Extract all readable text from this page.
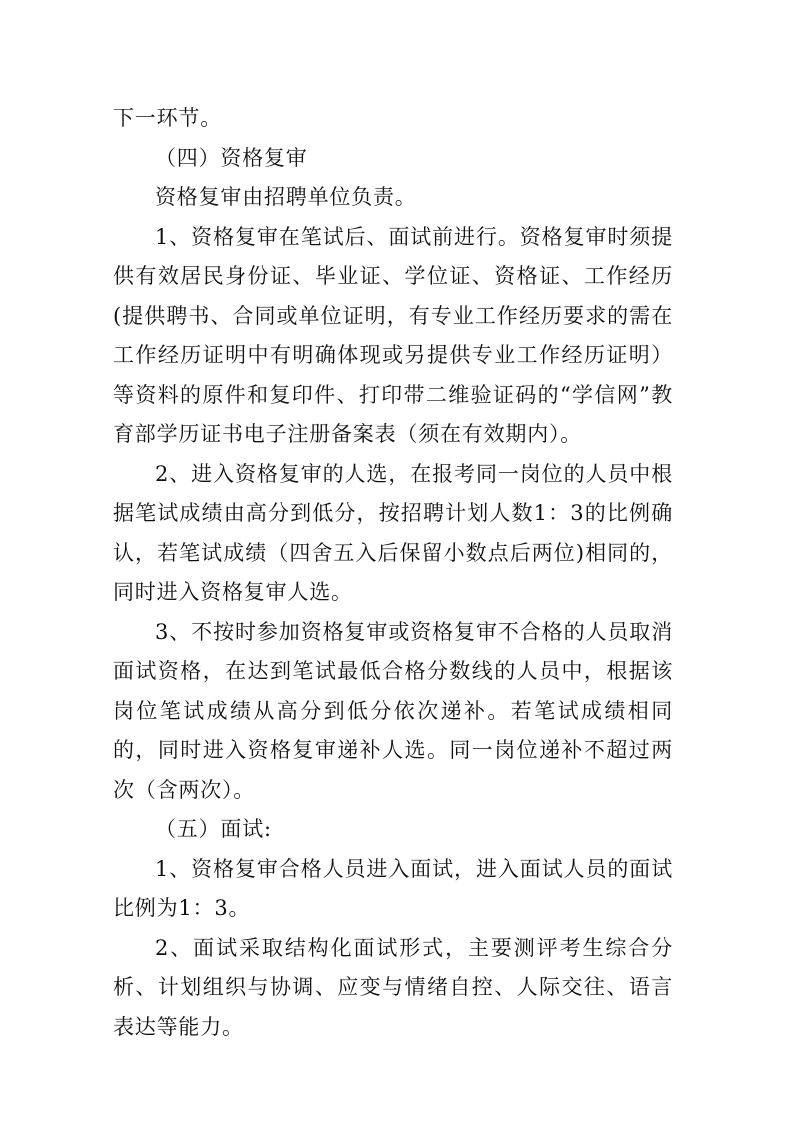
下一环节。

（四）资格复审

资格复审由招聘单位负责。

1、资格复审在笔试后、面试前进行。资格复审时须提供有效居民身份证、毕业证、学位证、资格证、工作经历(提供聘书、合同或单位证明，有专业工作经历要求的需在工作经历证明中有明确体现或另提供专业工作经历证明）等资料的原件和复印件、打印带二维验证码的“学信网”教育部学历证书电子注册备案表（须在有效期内）。

2、进入资格复审的人选，在报考同一岗位的人员中根据笔试成绩由高分到低分，按招聘计划人数1：3的比例确认，若笔试成绩（四舍五入后保留小数点后两位)相同的，同时进入资格复审人选。

3、不按时参加资格复审或资格复审不合格的人员取消面试资格，在达到笔试最低合格分数线的人员中，根据该岗位笔试成绩从高分到低分依次递补。若笔试成绩相同的，同时进入资格复审递补人选。同一岗位递补不超过两次（含两次）。

（五）面试:

1、资格复审合格人员进入面试，进入面试人员的面试比例为1：3。

2、面试采取结构化面试形式，主要测评考生综合分析、计划组织与协调、应变与情绪自控、人际交往、语言表达等能力。
